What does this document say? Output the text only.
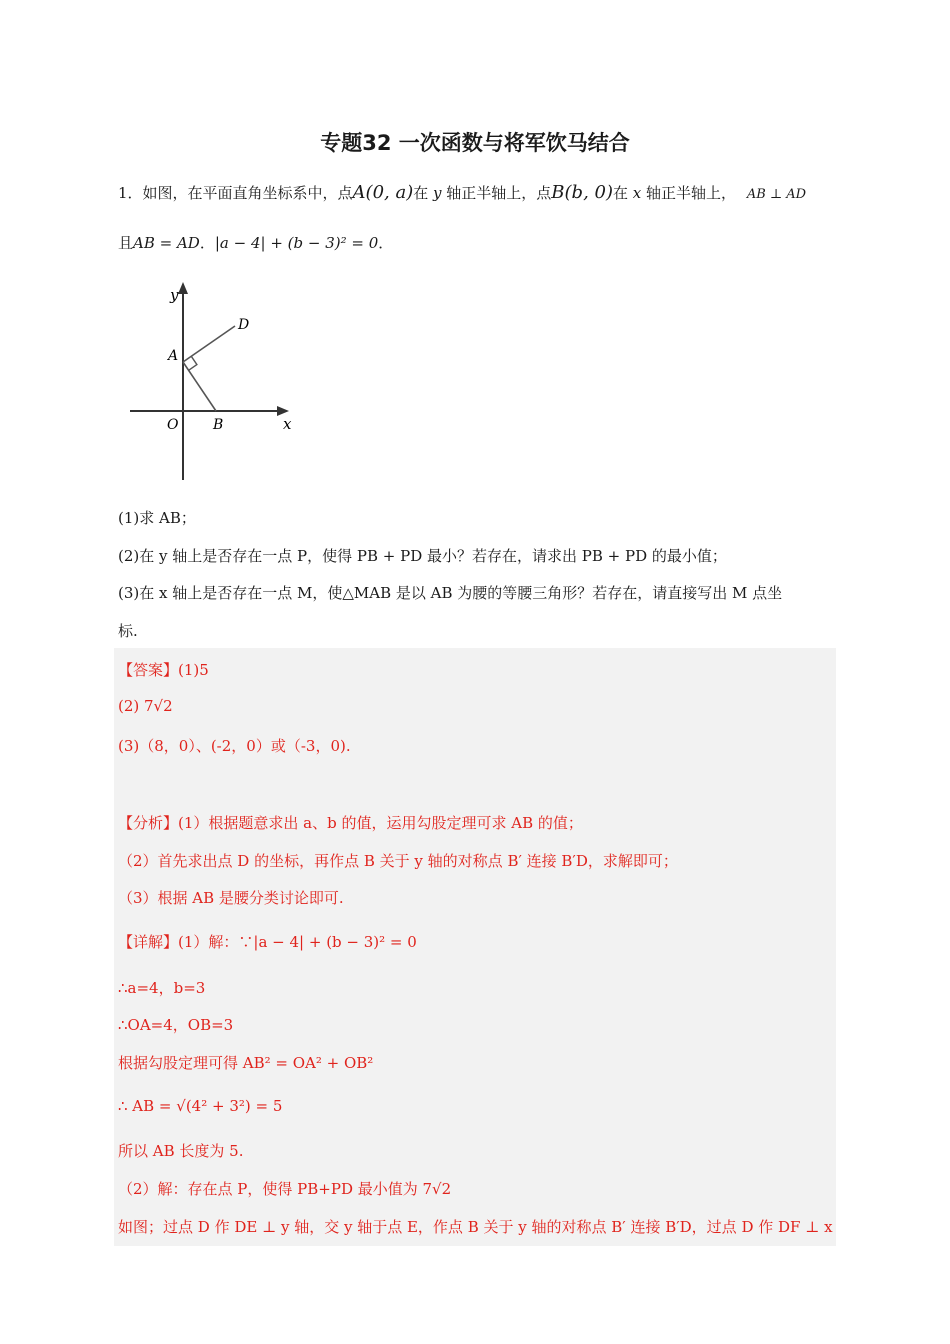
专题32 一次函数与将军饮马结合
1．如图，在平面直角坐标系中，点A(0, a)在 y 轴正半轴上，点B(b, 0)在 x 轴正半轴上， AB ⊥ AD
且AB = AD．|a − 4| + (b − 3)² = 0．
y
x
O
A
B
D
(1)求 AB；
(2)在 y 轴上是否存在一点 P，使得 PB + PD 最小？若存在，请求出 PB + PD 的最小值；
(3)在 x 轴上是否存在一点 M，使△MAB 是以 AB 为腰的等腰三角形？若存在，请直接写出 M 点坐
标.
【答案】(1)5
(2) 7√2
(3)（8，0）、(-2，0）或（-3，0).
【分析】(1）根据题意求出 a、b 的值，运用勾股定理可求 AB 的值；
（2）首先求出点 D 的坐标，再作点 B 关于 y 轴的对称点 B′ 连接 B′D，求解即可；
（3）根据 AB 是腰分类讨论即可.
【详解】(1）解：∵|a − 4| + (b − 3)² = 0
∴a=4，b=3
∴OA=4，OB=3
根据勾股定理可得 AB² = OA² + OB²
∴ AB = √(4² + 3²) = 5
所以 AB 长度为 5.
（2）解：存在点 P，使得 PB+PD 最小值为 7√2
如图；过点 D 作 DE ⊥ y 轴，交 y 轴于点 E，作点 B 关于 y 轴的对称点 B′ 连接 B′D，过点 D 作 DF ⊥ x
